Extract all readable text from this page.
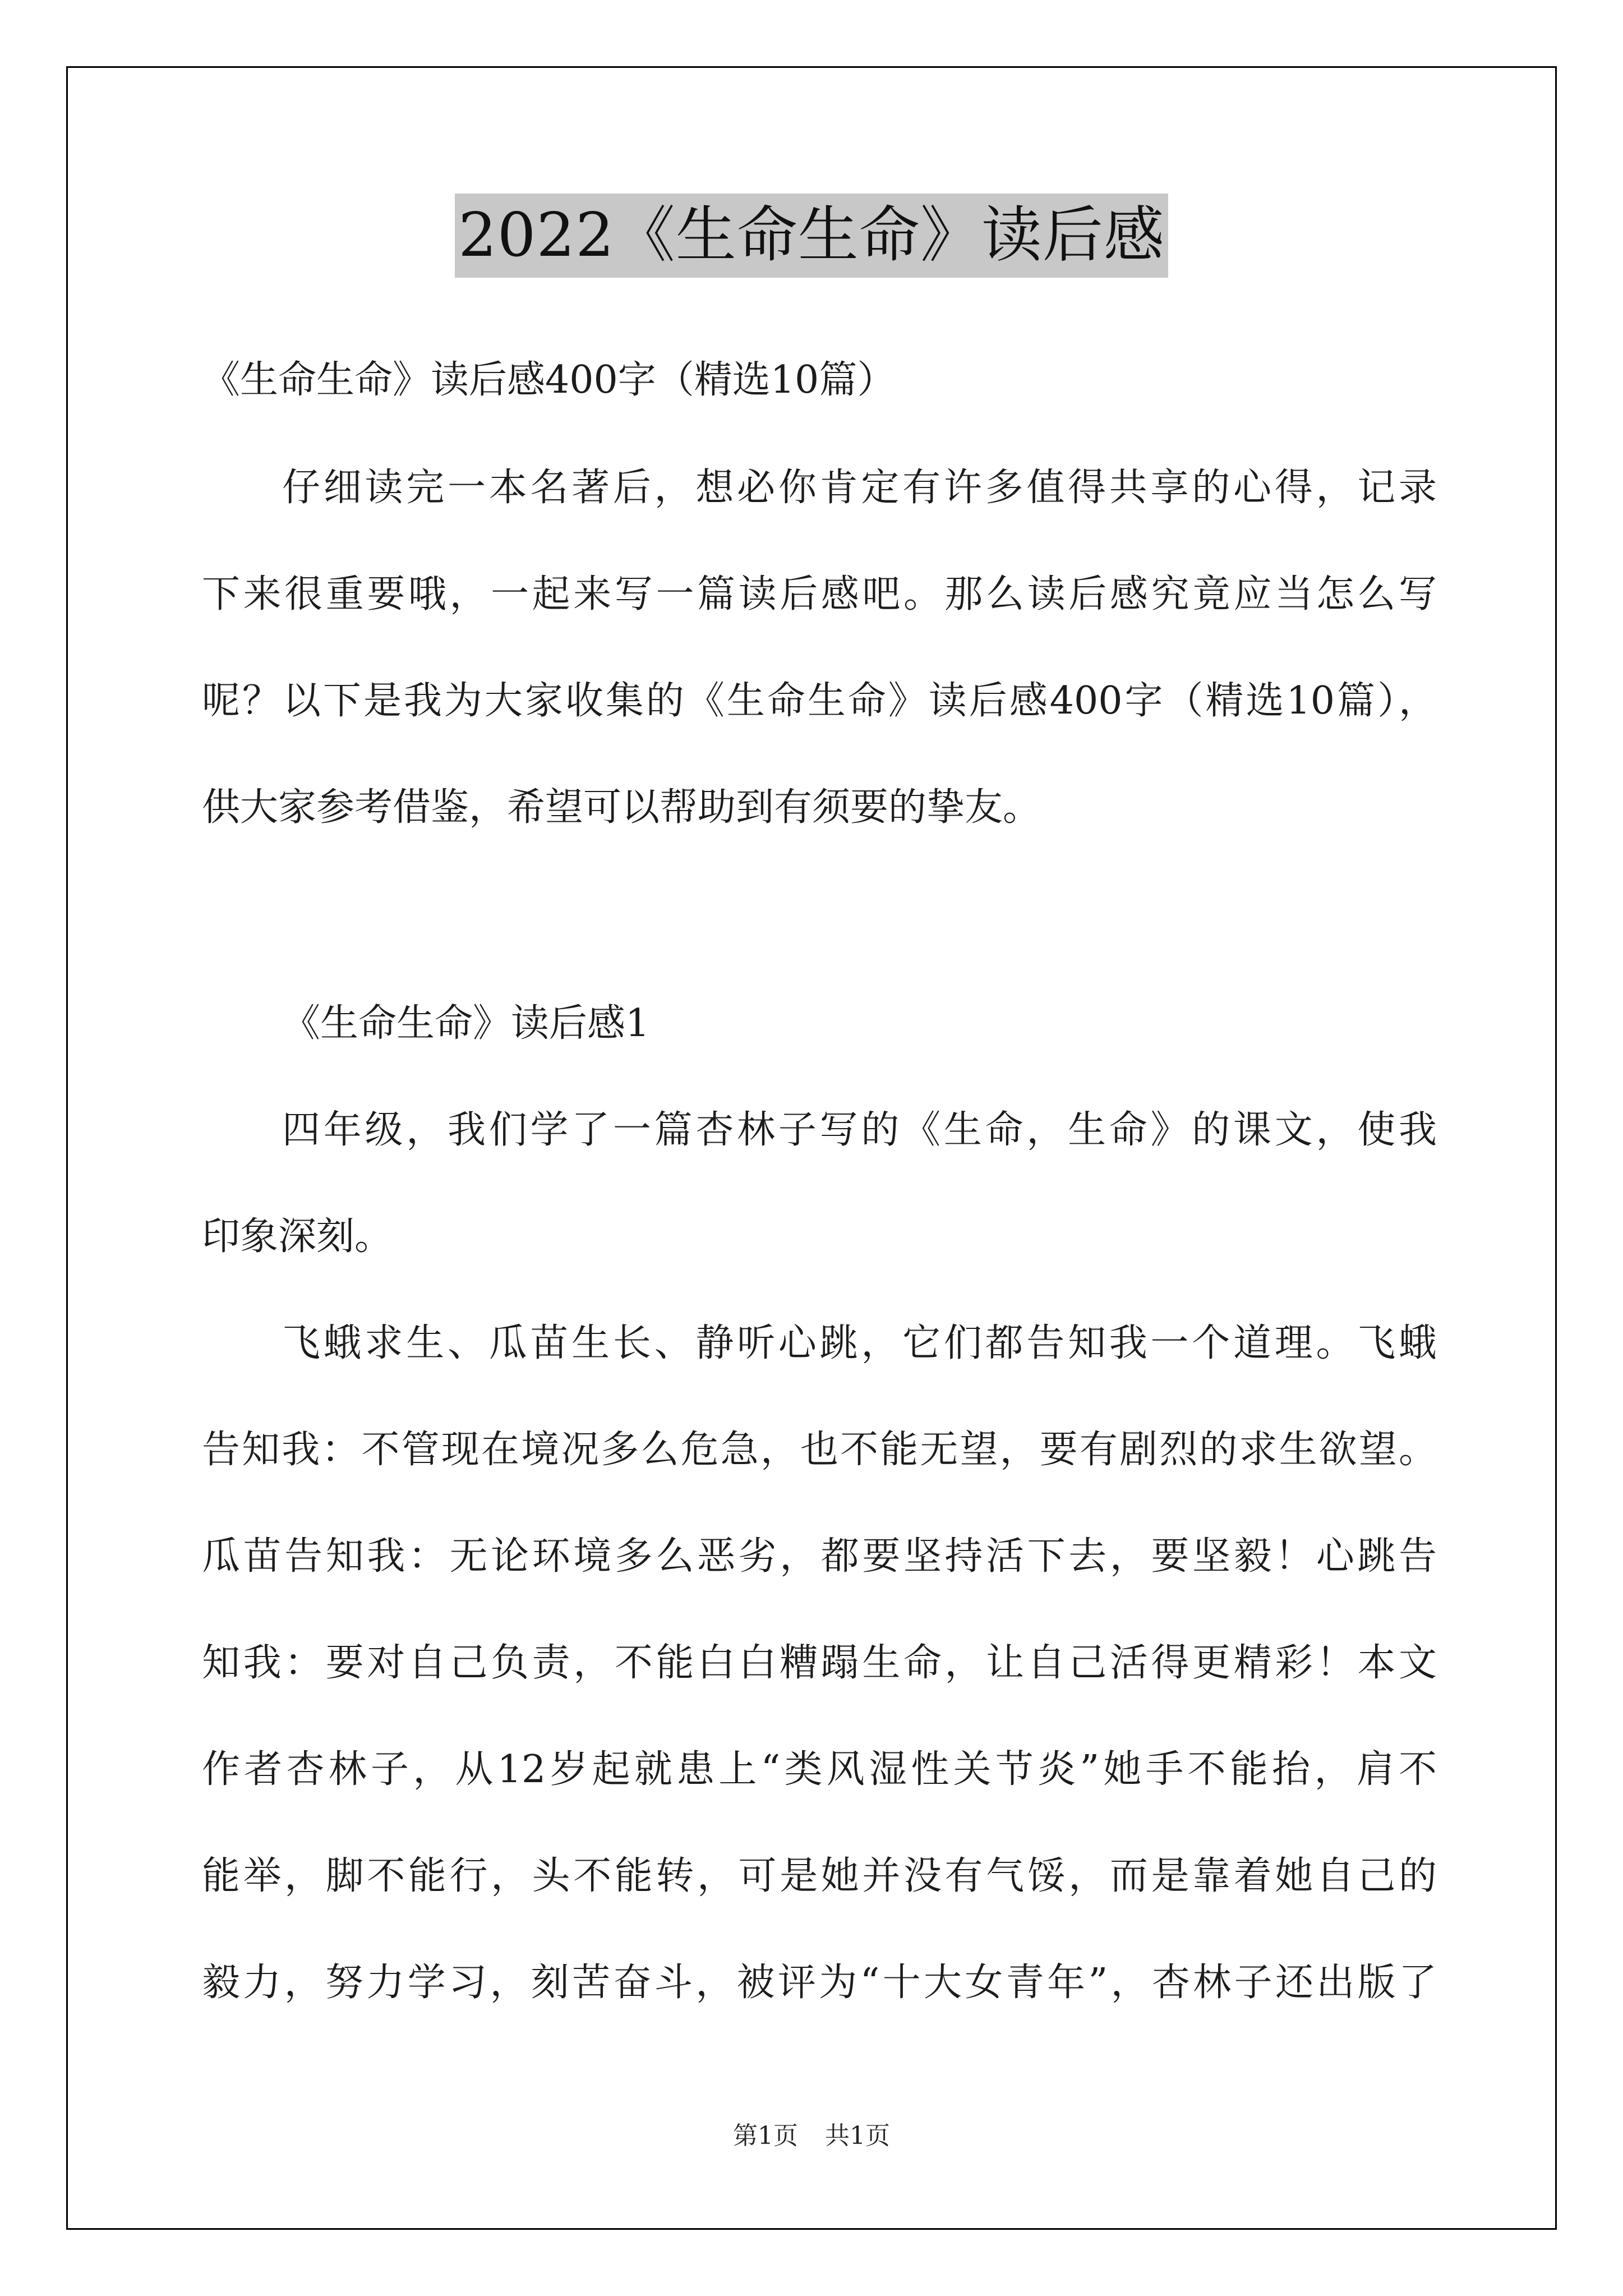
2022《生命生命》读后感
《生命生命》读后感400字（精选10篇）
仔细读完一本名著后，想必你肯定有许多值得共享的心得，记录
下来很重要哦，一起来写一篇读后感吧。那么读后感究竟应当怎么写
呢？以下是我为大家收集的《生命生命》读后感400字（精选10篇），
供大家参考借鉴，希望可以帮助到有须要的挚友。
《生命生命》读后感1
四年级，我们学了一篇杏林子写的《生命，生命》的课文，使我
印象深刻。
飞蛾求生、瓜苗生长、静听心跳，它们都告知我一个道理。飞蛾
告知我：不管现在境况多么危急，也不能无望，要有剧烈的求生欲望。
瓜苗告知我：无论环境多么恶劣，都要坚持活下去，要坚毅！心跳告
知我：要对自己负责，不能白白糟蹋生命，让自己活得更精彩！本文
作者杏林子，从12岁起就患上“类风湿性关节炎”她手不能抬，肩不
能举，脚不能行，头不能转，可是她并没有气馁，而是靠着她自己的
毅力，努力学习，刻苦奋斗，被评为“十大女青年”，杏林子还出版了
第1页 共1页
